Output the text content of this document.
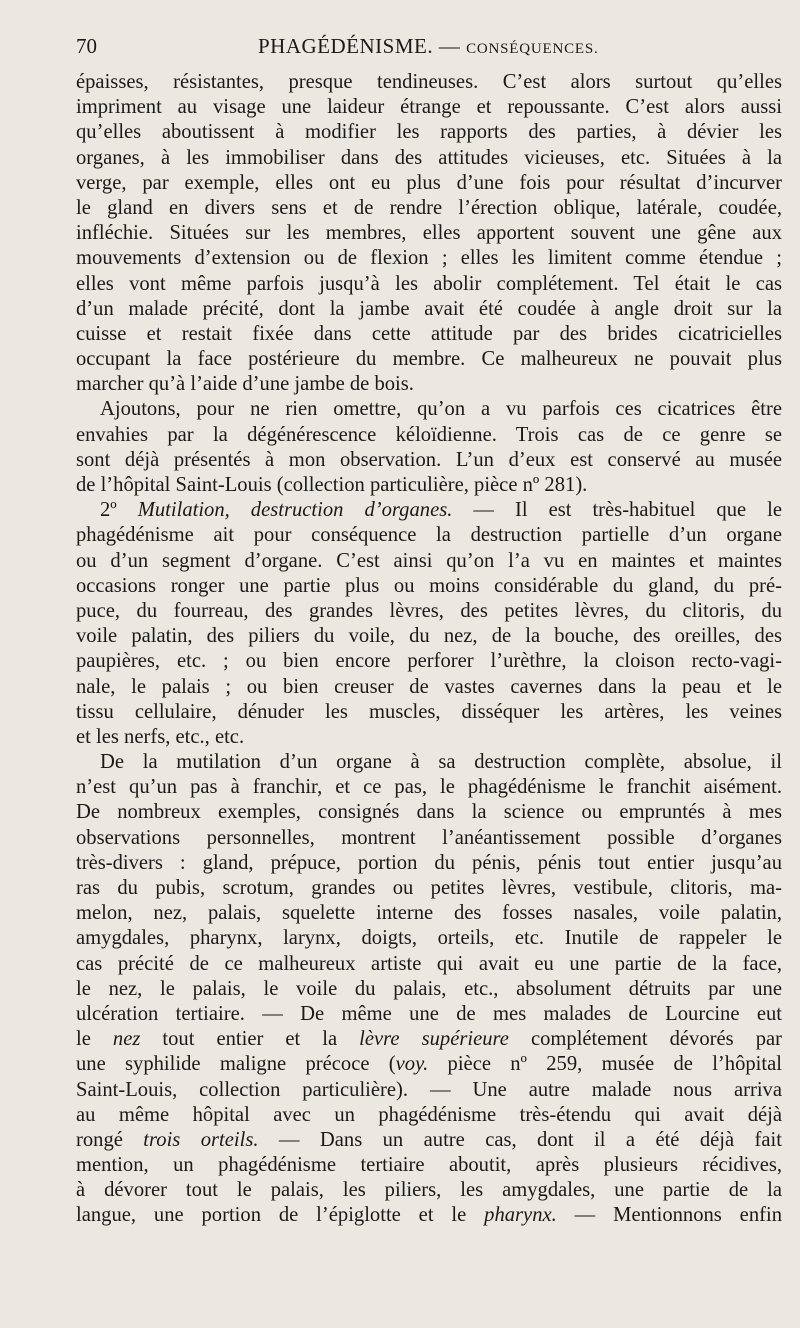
70	PHAGÉDÉNISME. — CONSÉQUENCES.
épaisses, résistantes, presque tendineuses. C’est alors surtout qu’elles
impriment au visage une laideur étrange et repoussante. C’est alors aussi
qu’elles aboutissent à modifier les rapports des parties, à dévier les
organes, à les immobiliser dans des attitudes vicieuses, etc. Situées à la
verge, par exemple, elles ont eu plus d’une fois pour résultat d’incurver
le gland en divers sens et de rendre l’érection oblique, latérale, coudée,
infléchie. Situées sur les membres, elles apportent souvent une gêne aux
mouvements d’extension ou de flexion ; elles les limitent comme étendue ;
elles vont même parfois jusqu’à les abolir complétement. Tel était le cas
d’un malade précité, dont la jambe avait été coudée à angle droit sur la
cuisse et restait fixée dans cette attitude par des brides cicatricielles
occupant la face postérieure du membre. Ce malheureux ne pouvait plus
marcher qu’à l’aide d’une jambe de bois.
Ajoutons, pour ne rien omettre, qu’on a vu parfois ces cicatrices être
envahies par la dégénérescence kéloïdienne. Trois cas de ce genre se
sont déjà présentés à mon observation. L’un d’eux est conservé au musée
de l’hôpital Saint-Louis (collection particulière, pièce nº 281).
2º Mutilation, destruction d’organes. — Il est très-habituel que le
phagédénisme ait pour conséquence la destruction partielle d’un organe
ou d’un segment d’organe. C’est ainsi qu’on l’a vu en maintes et maintes
occasions ronger une partie plus ou moins considérable du gland, du pré-
puce, du fourreau, des grandes lèvres, des petites lèvres, du clitoris, du
voile palatin, des piliers du voile, du nez, de la bouche, des oreilles, des
paupières, etc. ; ou bien encore perforer l’urèthre, la cloison recto-vagi-
nale, le palais ; ou bien creuser de vastes cavernes dans la peau et le
tissu cellulaire, dénuder les muscles, disséquer les artères, les veines
et les nerfs, etc., etc.
De la mutilation d’un organe à sa destruction complète, absolue, il
n’est qu’un pas à franchir, et ce pas, le phagédénisme le franchit aisément.
De nombreux exemples, consignés dans la science ou empruntés à mes
observations personnelles, montrent l’anéantissement possible d’organes
très-divers : gland, prépuce, portion du pénis, pénis tout entier jusqu’au
ras du pubis, scrotum, grandes ou petites lèvres, vestibule, clitoris, ma-
melon, nez, palais, squelette interne des fosses nasales, voile palatin,
amygdales, pharynx, larynx, doigts, orteils, etc. Inutile de rappeler le
cas précité de ce malheureux artiste qui avait eu une partie de la face,
le nez, le palais, le voile du palais, etc., absolument détruits par une
ulcération tertiaire. — De même une de mes malades de Lourcine eut
le nez tout entier et la lèvre supérieure complétement dévorés par
une syphilide maligne précoce (voy. pièce nº 259, musée de l’hôpital
Saint-Louis, collection particulière). — Une autre malade nous arriva
au même hôpital avec un phagédénisme très-étendu qui avait déjà
rongé trois orteils. — Dans un autre cas, dont il a été déjà fait
mention, un phagédénisme tertiaire aboutit, après plusieurs récidives,
à dévorer tout le palais, les piliers, les amygdales, une partie de la
langue, une portion de l’épiglotte et le pharynx. — Mentionnons enfin
